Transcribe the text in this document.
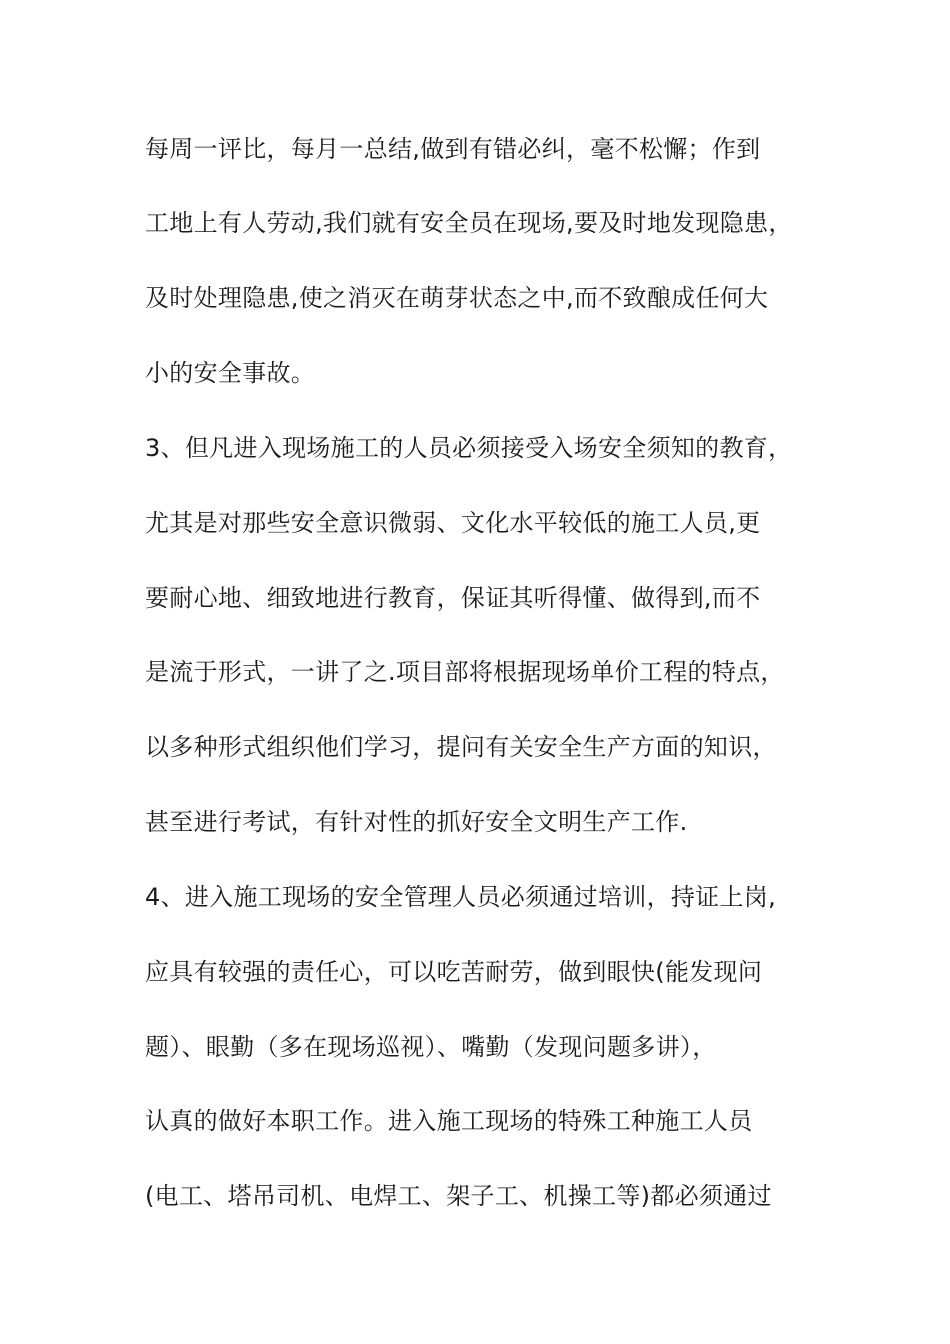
每周一评比，每月一总结,做到有错必纠，毫不松懈；作到
工地上有人劳动,我们就有安全员在现场,要及时地发现隐患，
及时处理隐患,使之消灭在萌芽状态之中,而不致酿成任何大
小的安全事故。
3、但凡进入现场施工的人员必须接受入场安全须知的教育，
尤其是对那些安全意识微弱、文化水平较低的施工人员,更
要耐心地、细致地进行教育，保证其听得懂、做得到,而不
是流于形式，一讲了之.项目部将根据现场单价工程的特点，
以多种形式组织他们学习，提问有关安全生产方面的知识，
甚至进行考试，有针对性的抓好安全文明生产工作.
4、进入施工现场的安全管理人员必须通过培训，持证上岗,
应具有较强的责任心，可以吃苦耐劳，做到眼快(能发现问
题）、眼勤（多在现场巡视）、嘴勤（发现问题多讲），
认真的做好本职工作。进入施工现场的特殊工种施工人员
(电工、塔吊司机、电焊工、架子工、机操工等)都必须通过
